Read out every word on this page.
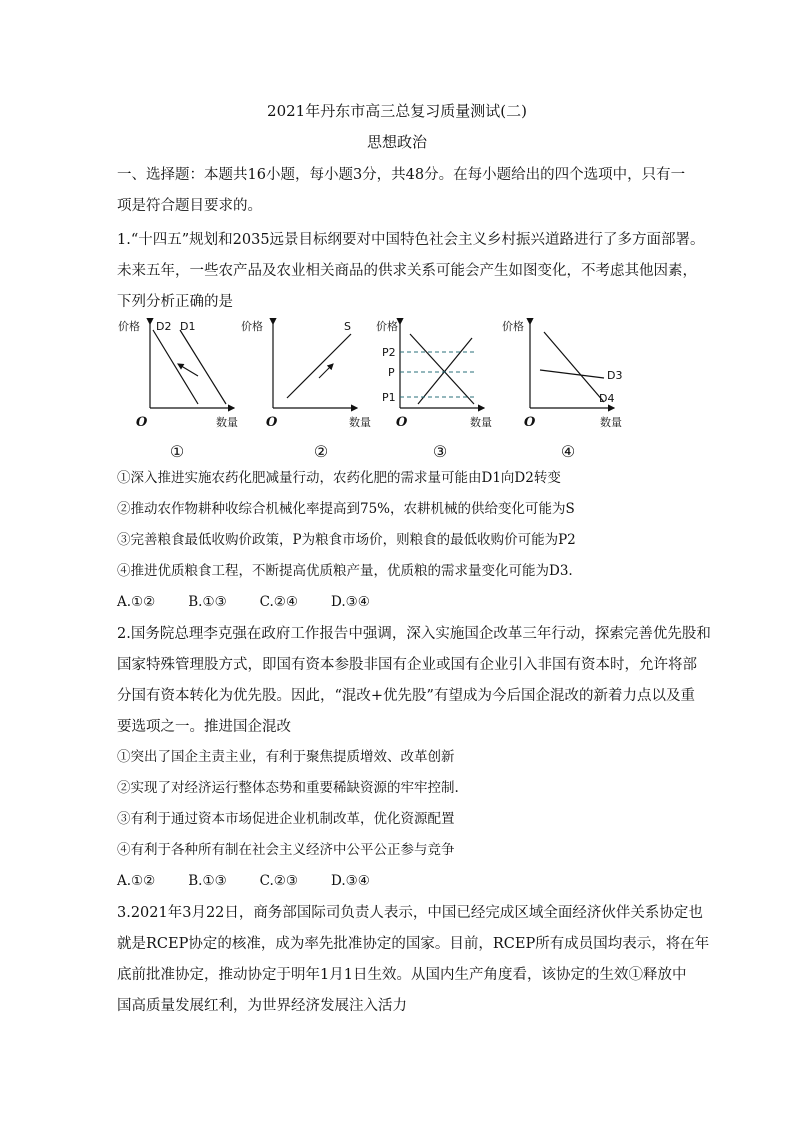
2021年丹东市高三总复习质量测试(二)
思想政治
一、选择题：本题共16小题，每小题3分，共48分。在每小题给出的四个选项中，只有一
项是符合题目要求的。
1.“十四五”规划和2035远景目标纲要对中国特色社会主义乡村振兴道路进行了多方面部署。
未来五年，一些农产品及农业相关商品的供求关系可能会产生如图变化，不考虑其他因素，
下列分析正确的是
价格
O	数量
D2 D1
①
价格
O	数量
S
②
价格
O	数量
P2
P
P1
③
价格
O	数量
D3
D4
④
①深入推进实施农药化肥减量行动，农药化肥的需求量可能由D1向D2转变
②推动农作物耕种收综合机械化率提高到75%，农耕机械的供给变化可能为S
③完善粮食最低收购价政策，P为粮食市场价，则粮食的最低收购价可能为P2
④推进优质粮食工程，不断提高优质粮产量，优质粮的需求量变化可能为D3.
A.①② B.①③ C.②④ D.③④
2.国务院总理李克强在政府工作报告中强调，深入实施国企改革三年行动，探索完善优先股和
国家特殊管理股方式，即国有资本参股非国有企业或国有企业引入非国有资本时，允许将部
分国有资本转化为优先股。因此，“混改+优先股”有望成为今后国企混改的新着力点以及重
要选项之一。推进国企混改
①突出了国企主责主业，有利于聚焦提质增效、改革创新
②实现了对经济运行整体态势和重要稀缺资源的牢牢控制.
③有利于通过资本市场促进企业机制改革，优化资源配置
④有利于各种所有制在社会主义经济中公平公正参与竞争
A.①② B.①③ C.②③ D.③④
3.2021年3月22日，商务部国际司负责人表示，中国已经完成区域全面经济伙伴关系协定也
就是RCEP协定的核准，成为率先批准协定的国家。目前，RCEP所有成员国均表示，将在年
底前批准协定，推动协定于明年1月1日生效。从国内生产角度看，该协定的生效①释放中
国高质量发展红利，为世界经济发展注入活力
